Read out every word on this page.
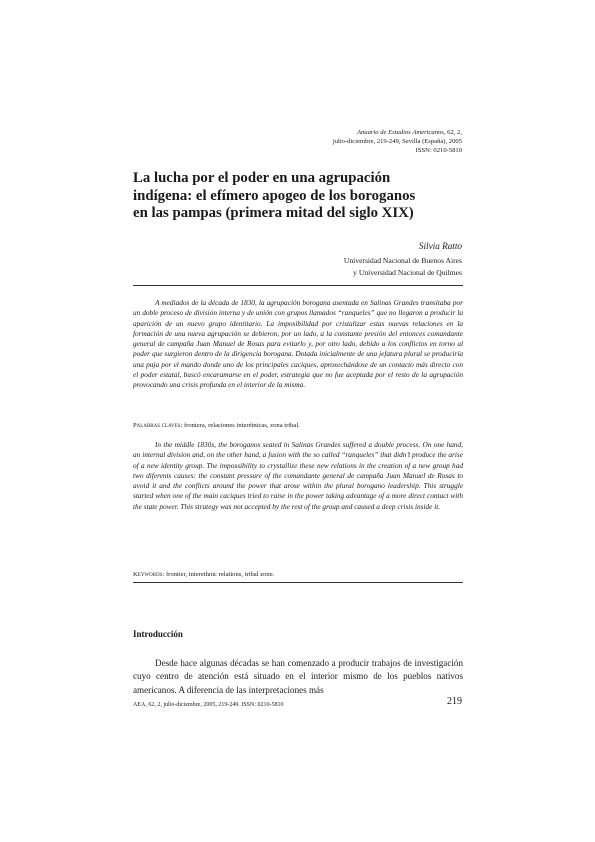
Anuario de Estudios Americanos, 62, 2,
julio-diciembre, 219-249, Sevilla (España), 2005
ISSN: 0210-5810
La lucha por el poder en una agrupación
indígena: el efímero apogeo de los boroganos
en las pampas (primera mitad del siglo XIX)
Silvia Ratto
Universidad Nacional de Buenos Aires
y Universidad Nacional de Quilmes

A mediados de la década de 1830, la agrupación borogana asentada en Salinas Grandes transitaba por un doble proceso de división interna y de unión con grupos llamados “ranqueles” que no llegaron a producir la aparición de un nuevo grupo identitario. La imposibilidad por cristalizar estas nuevas relaciones en la formación de una nueva agrupación se debieron, por un lado, a la constante presión del entonces comandante general de campaña Juan Manuel de Rosas para evitarlo y, por otro lado, debido a los conflictos en torno al poder que surgieron dentro de la dirigencia borogana. Dotada inicialmente de una jefatura plural se produciría una puja por el mando donde uno de los principales caciques, aproxechándose de un contacto más directo con el poder estatal, buscó encaramarse en el poder, estrategia que no fue aceptada por el resto de la agrupación provocando una crisis profunda en el interior de la misma.

Palabras claves: frontera, relaciones interétnicas, zona tribal.

In the middle 1830s, the boroganos seated in Salinas Grandes suffered a double process. On one hand, an internal division and, on the other hand, a fusion with the so called “ranqueles” that didn’t produce the arise of a new identity group. The impossibility to crystallize these new relations in the creation of a new group had two diferents causes: the constant pressure of the comandante general de campaña Juan Manuel de Rosas to avoid it and the conflicts around the power that arose within the plural borogano leadership. This struggle started when one of the main caciques tried to raise in the power taking advantage of a more direct contact with the state power. This strategy was not accepted by the rest of the group and caused a deep crisis inside it.

Keywords: frontier, interethnic relations, tribal zone.
Introducción

Desde hace algunas décadas se han comenzado a producir trabajos de investigación cuyo centro de atención está situado en el interior mismo de los pueblos nativos americanos. A diferencia de las interpretaciones más

AEA, 62, 2, julio-diciembre, 2005, 219-249. ISSN: 0210-5810	219
